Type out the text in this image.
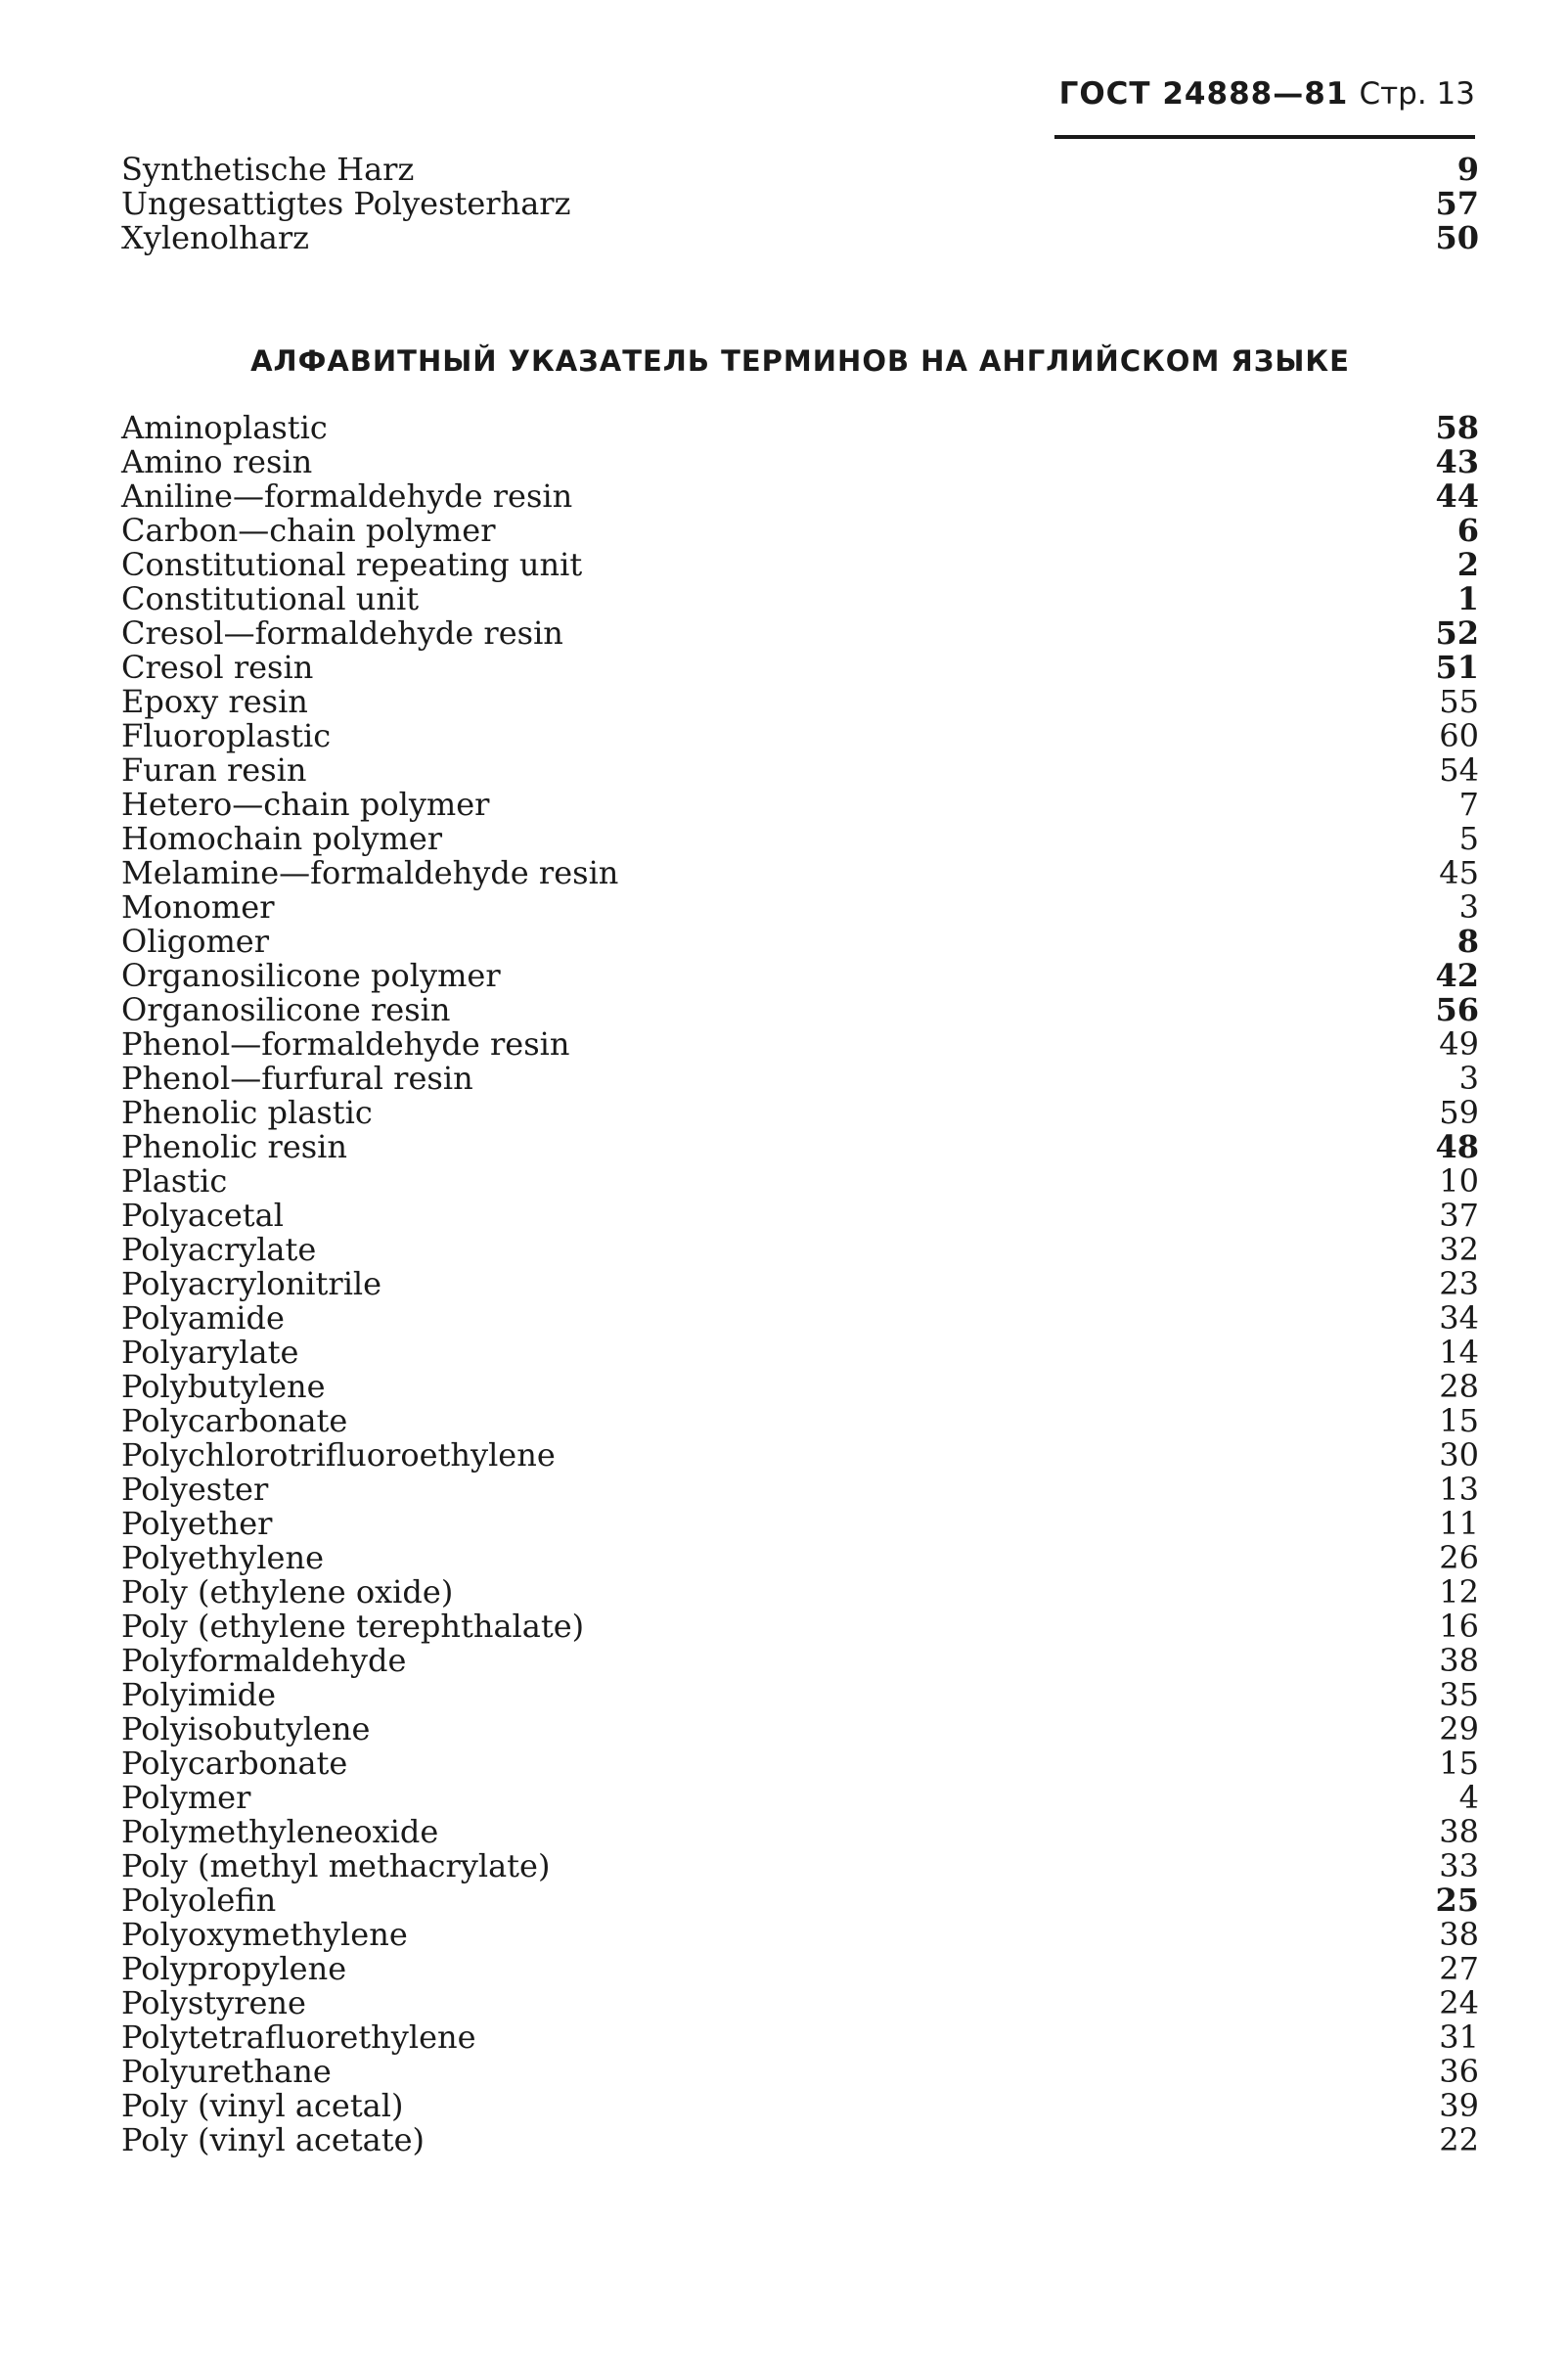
ГОСТ 24888—81 Стр. 13
Synthetische Harz	9
Ungesattigtes Polyesterharz	57
Xylenolharz	50
АЛФАВИТНЫЙ УКАЗАТЕЛЬ ТЕРМИНОВ НА АНГЛИЙСКОМ ЯЗЫКЕ
Aminoplastic	58
Amino resin	43
Aniline—formaldehyde resin	44
Carbon—chain polymer	6
Constitutional repeating unit	2
Constitutional unit	1
Cresol—formaldehyde resin	52
Cresol resin	51
Epoxy resin	55
Fluoroplastic	60
Furan resin	54
Hetero—chain polymer	7
Homochain polymer	5
Melamine—formaldehyde resin	45
Monomer	3
Oligomer	8
Organosilicone polymer	42
Organosilicone resin	56
Phenol—formaldehyde resin	49
Phenol—furfural resin	3
Phenolic plastic	59
Phenolic resin	48
Plastic	10
Polyacetal	37
Polyacrylate	32
Polyacrylonitrile	23
Polyamide	34
Polyarylate	14
Polybutylene	28
Polycarbonate	15
Polychlorotrifluoroethylene	30
Polyester	13
Polyether	11
Polyethylene	26
Poly (ethylene oxide)	12
Poly (ethylene terephthalate)	16
Polyformaldehyde	38
Polyimide	35
Polyisobutylene	29
Polycarbonate	15
Polymer	4
Polymethyleneoxide	38
Poly (methyl methacrylate)	33
Polyolefin	25
Polyoxymethylene	38
Polypropylene	27
Polystyrene	24
Polytetrafluorethylene	31
Polyurethane	36
Poly (vinyl acetal)	39
Poly (vinyl acetate)	22
